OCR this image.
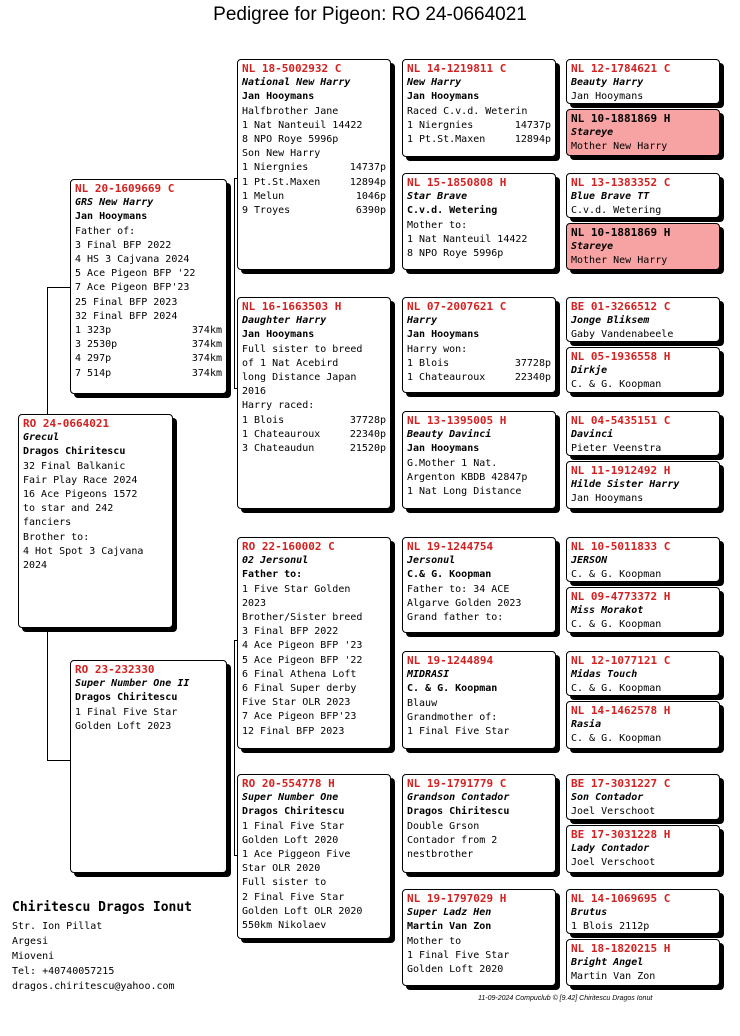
Pedigree for Pigeon: RO 24-0664021
RO 24-0664021
Grecul
Dragos Chiritescu
32 Final Balkanic
Fair Play Race 2024
16 Ace Pigeons 1572
to star and 242
fanciers
Brother to:
4 Hot Spot 3 Cajvana
2024
NL 20-1609669 C
GRS New Harry
Jan Hooymans
Father of:
3 Final BFP 2022
4 HS 3 Cajvana 2024
5 Ace Pigeon BFP '22
7 Ace Pigeon BFP'23
25 Final BFP 2023
32 Final BFP 2024
1 323p	374km
3 2530p	374km
4 297p	374km
7 514p	374km
RO 23-232330
Super Number One II
Dragos Chiritescu
1 Final Five Star
Golden Loft 2023
NL 18-5002932 C
National New Harry
Jan Hooymans
Halfbrother Jane
1 Nat Nanteuil 14422
8 NPO Roye 5996p
Son New Harry
1 Niergnies	14737p
1 Pt.St.Maxen	12894p
1 Melun	1046p
9 Troyes	6390p
NL 16-1663503 H
Daughter Harry
Jan Hooymans
Full sister to breed
of 1 Nat Acebird
long Distance Japan
2016
Harry raced:
1 Blois	37728p
1 Chateauroux	22340p
3 Chateaudun	21520p
RO 22-160002 C
02 Jersonul
Father to:
1 Five Star Golden
2023
Brother/Sister breed
3 Final BFP 2022
4 Ace Pigeon BFP '23
5 Ace Pigeon BFP '22
6 Final Athena Loft
6 Final Super derby
Five Star OLR 2023
7 Ace Pigeon BFP'23
12 Final BFP 2023
RO 20-554778 H
Super Number One
Dragos Chiritescu
1 Final Five Star
Golden Loft 2020
1 Ace Piggeon Five
Star OLR 2020
Full sister to
2 Final Five Star
Golden Loft OLR 2020
550km Nikolaev
NL 14-1219811 C
New Harry
Jan Hooymans
Raced C.v.d. Weterin
1 Niergnies	14737p
1 Pt.St.Maxen	12894p
NL 15-1850808 H
Star Brave
C.v.d. Wetering
Mother to:
1 Nat Nanteuil 14422
8 NPO Roye 5996p
NL 07-2007621 C
Harry
Jan Hooymans
Harry won:
1 Blois	37728p
1 Chateauroux	22340p
NL 13-1395005 H
Beauty Davinci
Jan Hooymans
G.Mother 1 Nat.
Argenton KBDB 42847p
1 Nat Long Distance
NL 19-1244754
Jersonul
C.& G. Koopman
Father to: 34 ACE
Algarve Golden 2023
Grand father to:
NL 19-1244894
MIDRASI
C. & G. Koopman
Blauw
Grandmother of:
1 Final Five Star
NL 19-1791779 C
Grandson Contador
Dragos Chiritescu
Double Grson
Contador from 2
nestbrother
NL 19-1797029 H
Super Ladz Hen
Martin Van Zon
Mother to
1 Final Five Star
Golden Loft 2020
NL 12-1784621 C
Beauty Harry
Jan Hooymans
NL 10-1881869 H
Stareye
Mother New Harry
NL 13-1383352 C
Blue Brave TT
C.v.d. Wetering
NL 10-1881869 H
Stareye
Mother New Harry
BE 01-3266512 C
Jonge Bliksem
Gaby Vandenabeele
NL 05-1936558 H
Dirkje
C. & G. Koopman
NL 04-5435151 C
Davinci
Pieter Veenstra
NL 11-1912492 H
Hilde Sister Harry
Jan Hooymans
NL 10-5011833 C
JERSON
C. & G. Koopman
NL 09-4773372 H
Miss Morakot
C. & G. Koopman
NL 12-1077121 C
Midas Touch
C. & G. Koopman
NL 14-1462578 H
Rasia
C. & G. Koopman
BE 17-3031227 C
Son Contador
Joel Verschoot
BE 17-3031228 H
Lady Contador
Joel Verschoot
NL 14-1069695 C
Brutus
1 Blois 2112p
NL 18-1820215 H
Bright Angel
Martin Van Zon
Chiritescu Dragos Ionut
Str. Ion Pillat
Argesi
Mioveni
Tel: +40740057215
dragos.chiritescu@yahoo.com
11-09-2024 Compuclub © [9.42] Chiritescu Dragos Ionut
